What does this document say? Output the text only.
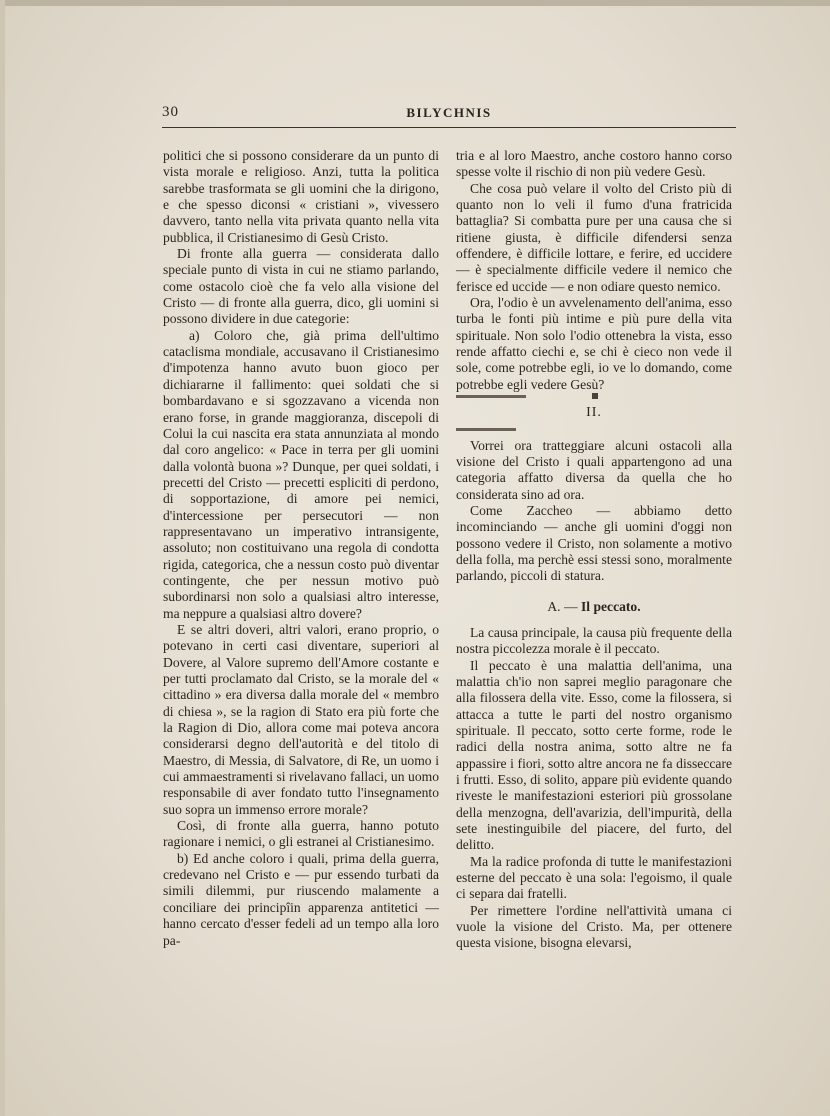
30	BILYCHNIS

politici che si possono considerare da un punto di vista morale e religioso. Anzi, tutta la politica sarebbe trasformata se gli uomini che la dirigono, e che spesso diconsi « cristiani », vivessero davvero, tanto nella vita privata quanto nella vita pubblica, il Cristianesimo di Gesù Cristo.

Di fronte alla guerra — considerata dallo speciale punto di vista in cui ne stiamo parlando, come ostacolo cioè che fa velo alla visione del Cristo — di fronte alla guerra, dico, gli uomini si possono dividere in due categorie:

a) Coloro che, già prima dell'ultimo cataclisma mondiale, accusavano il Cristianesimo d'impotenza hanno avuto buon gioco per dichiararne il fallimento: quei soldati che si bombardavano e si sgozzavano a vicenda non erano forse, in grande maggioranza, discepoli di Colui la cui nascita era stata annunziata al mondo dal coro angelico: « Pace in terra per gli uomini dalla volontà buona »? Dunque, per quei soldati, i precetti del Cristo — precetti espliciti di perdono, di sopportazione, di amore pei nemici, d'intercessione per persecutori — non rappresentavano un imperativo intransigente, assoluto; non costituivano una regola di condotta rigida, categorica, che a nessun costo può diventar contingente, che per nessun motivo può subordinarsi non solo a qualsiasi altro interesse, ma neppure a qualsiasi altro dovere?

E se altri doveri, altri valori, erano proprio, o potevano in certi casi diventare, superiori al Dovere, al Valore supremo dell'Amore costante e per tutti proclamato dal Cristo, se la morale del « cittadino » era diversa dalla morale del « membro di chiesa », se la ragion di Stato era più forte che la Ragion di Dio, allora come mai poteva ancora considerarsi degno dell'autorità e del titolo di Maestro, di Messia, di Salvatore, di Re, un uomo i cui ammaestramenti si rivelavano fallaci, un uomo responsabile di aver fondato tutto l'insegnamento suo sopra un immenso errore morale?

Così, di fronte alla guerra, hanno potuto ragionare i nemici, o gli estranei al Cristianesimo.

b) Ed anche coloro i quali, prima della guerra, credevano nel Cristo e — pur essendo turbati da simili dilemmi, pur riuscendo malamente a conciliare dei principîin apparenza antitetici — hanno cercato d'esser fedeli ad un tempo alla loro pa-

tria e al loro Maestro, anche costoro hanno corso spesse volte il rischio di non più vedere Gesù.

Che cosa può velare il volto del Cristo più di quanto non lo veli il fumo d'una fratricida battaglia? Si combatta pure per una causa che si ritiene giusta, è difficile difendersi senza offendere, è difficile lottare, e ferire, ed uccidere — è specialmente difficile vedere il nemico che ferisce ed uccide — e non odiare questo nemico.

Ora, l'odio è un avvelenamento dell'anima, esso turba le fonti più intime e più pure della vita spirituale. Non solo l'odio ottenebra la vista, esso rende affatto ciechi e, se chi è cieco non vede il sole, come potrebbe egli, io ve lo domando, come potrebbe egli vedere Gesù?

II.

Vorrei ora tratteggiare alcuni ostacoli alla visione del Cristo i quali appartengono ad una categoria affatto diversa da quella che ho considerata sino ad ora.

Come Zaccheo — abbiamo detto incominciando — anche gli uomini d'oggi non possono vedere il Cristo, non solamente a motivo della folla, ma perchè essi stessi sono, moralmente parlando, piccoli di statura.

A. — Il peccato.

La causa principale, la causa più frequente della nostra piccolezza morale è il peccato.

Il peccato è una malattia dell'anima, una malattia ch'io non saprei meglio paragonare che alla filossera della vite. Esso, come la filossera, si attacca a tutte le parti del nostro organismo spirituale. Il peccato, sotto certe forme, rode le radici della nostra anima, sotto altre ne fa appassire i fiori, sotto altre ancora ne fa disseccare i frutti. Esso, di solito, appare più evidente quando riveste le manifestazioni esteriori più grossolane della menzogna, dell'avarizia, dell'impurità, della sete inestinguibile del piacere, del furto, del delitto.

Ma la radice profonda di tutte le manifestazioni esterne del peccato è una sola: l'egoismo, il quale ci separa dai fratelli.

Per rimettere l'ordine nell'attività umana ci vuole la visione del Cristo. Ma, per ottenere questa visione, bisogna elevarsi,
